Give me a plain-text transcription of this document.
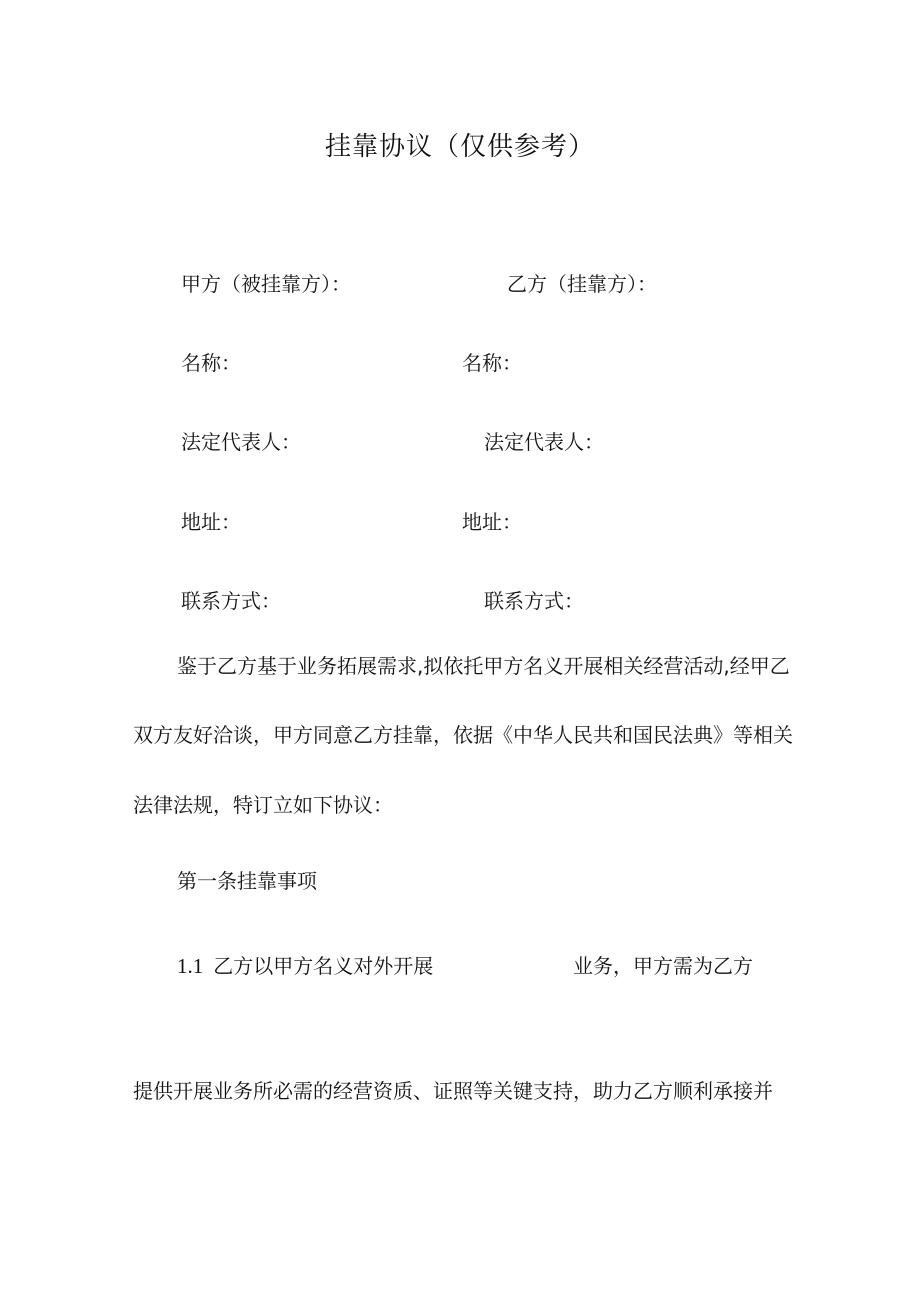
挂靠协议（仅供参考）
甲方（被挂靠方）：	乙方（挂靠方）：
名称：	名称：
法定代表人：	法定代表人：
地址：	地址：
联系方式：	联系方式：
鉴于乙方基于业务拓展需求,拟依托甲方名义开展相关经营活动,经甲乙
双方友好洽谈，甲方同意乙方挂靠，依据《中华人民共和国民法典》等相关
法律法规，特订立如下协议：
第一条挂靠事项
1.1 乙方以甲方名义对外开展	业务，甲方需为乙方
提供开展业务所必需的经营资质、证照等关键支持，助力乙方顺利承接并
